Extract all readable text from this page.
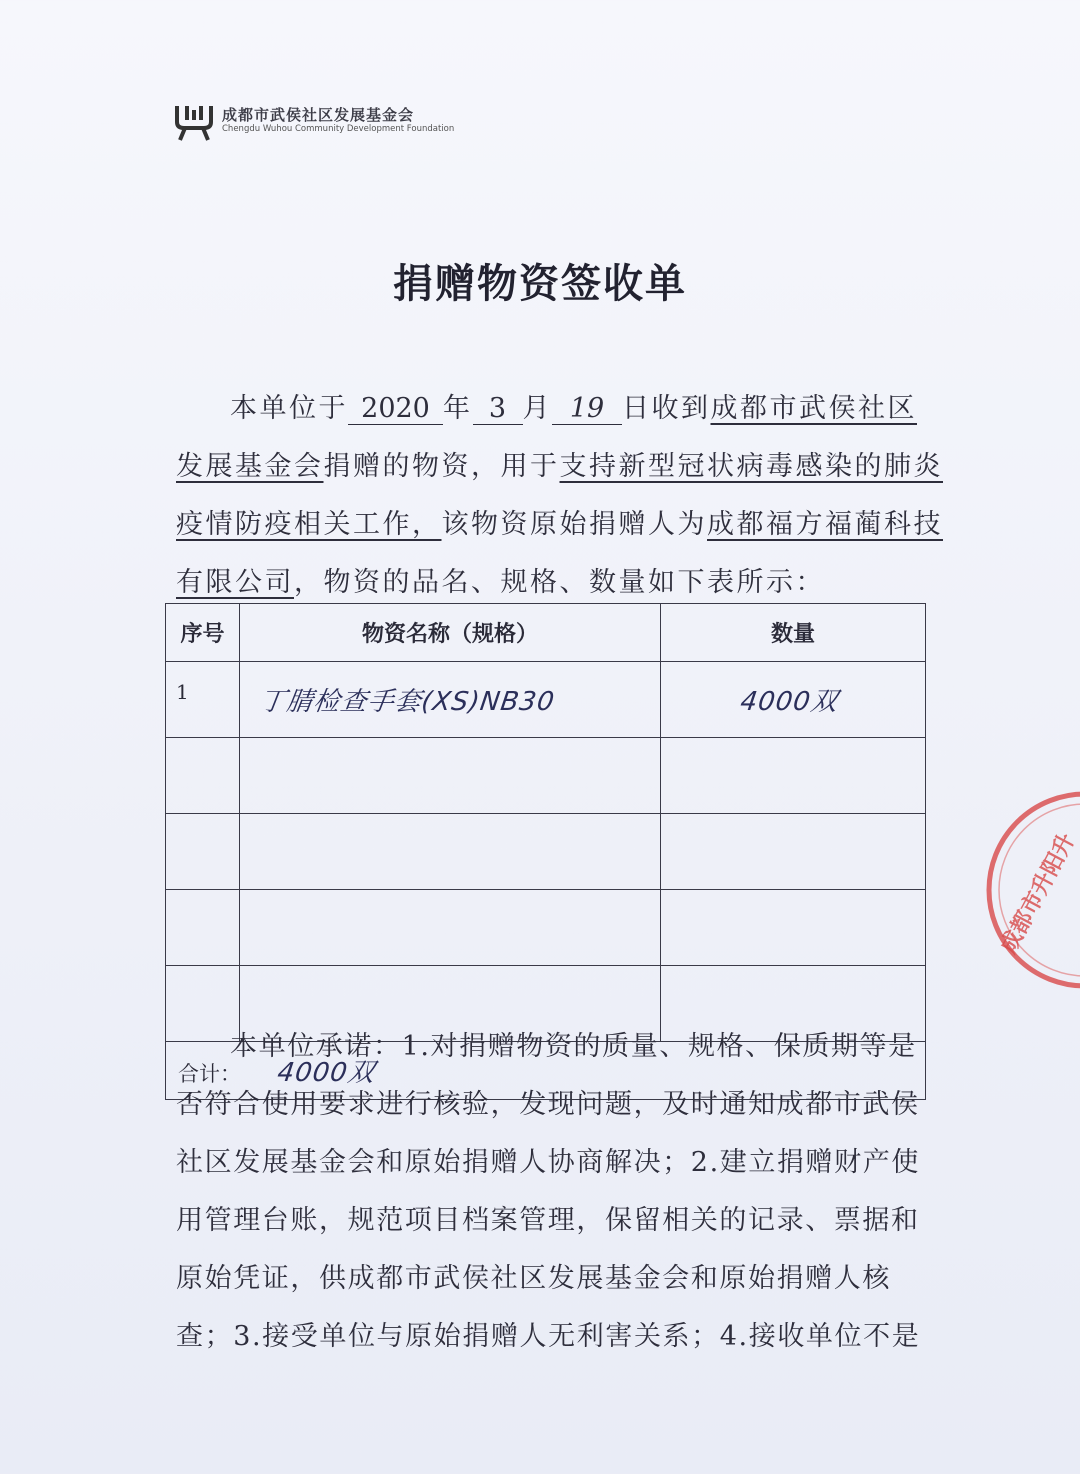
成都市武侯社区发展基金会
Chengdu Wuhou Community Development Foundation
捐赠物资签收单
本单位于 2020 年 3 月 19 日收到成都市武侯社区
发展基金会捐赠的物资，用于支持新型冠状病毒感染的肺炎
疫情防疫相关工作，该物资原始捐赠人为成都福方福蔺科技
有限公司，物资的品名、规格、数量如下表所示：
序号	物资名称（规格）	数量
1	丁腈检查手套(XS)NB30	4000双

合计： 4000双		
本单位承诺：1.对捐赠物资的质量、规格、保质期等是
否符合使用要求进行核验，发现问题，及时通知成都市武侯
社区发展基金会和原始捐赠人协商解决；2.建立捐赠财产使
用管理台账，规范项目档案管理，保留相关的记录、票据和
原始凭证，供成都市武侯社区发展基金会和原始捐赠人核
查；3.接受单位与原始捐赠人无利害关系；4.接收单位不是
成都市升阳升
